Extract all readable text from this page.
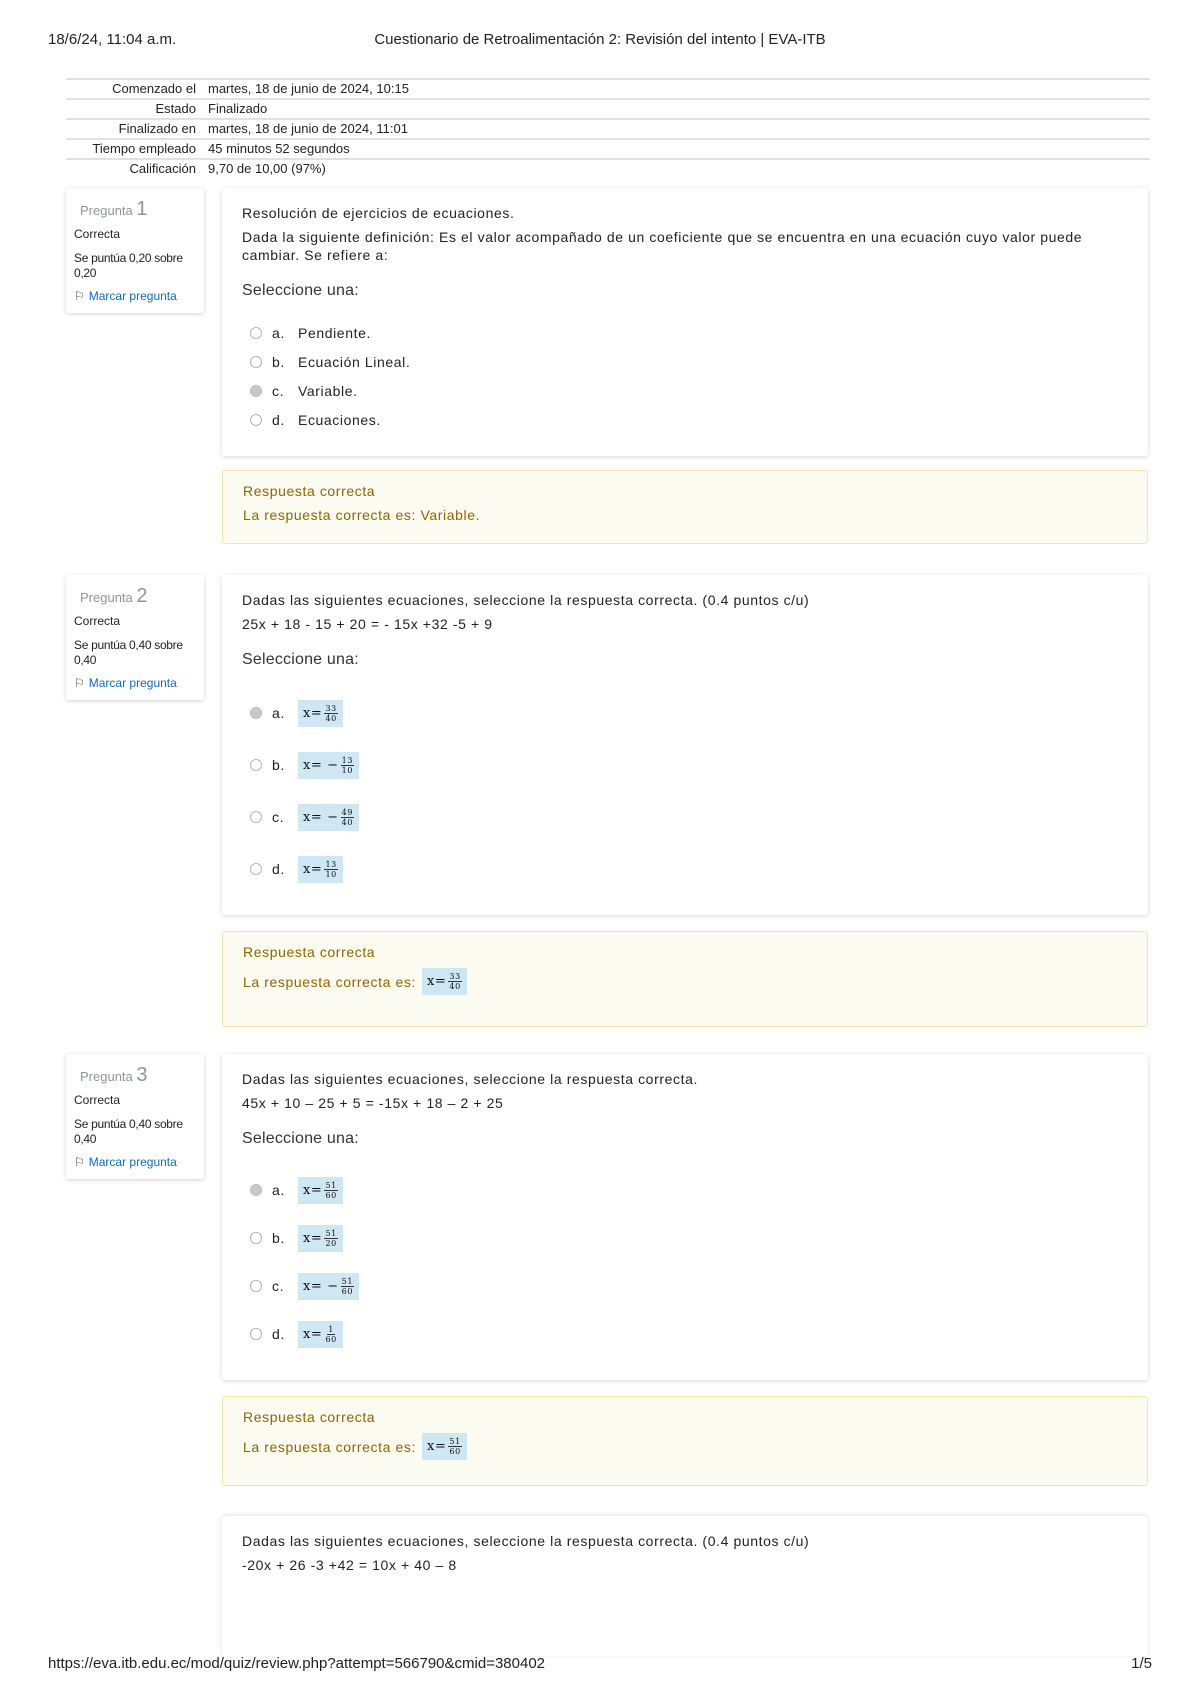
18/6/24, 11:04 a.m.	Cuestionario de Retroalimentación 2: Revisión del intento | EVA-ITB
Comenzado el martes, 18 de junio de 2024, 10:15
Estado Finalizado
Finalizado en martes, 18 de junio de 2024, 11:01
Tiempo empleado 45 minutos 52 segundos
Calificación 9,70 de 10,00 (97%)
Pregunta 1
Correcta
Se puntúa 0,20 sobre 0,20
⚐ Marcar pregunta

Resolución de ejercicios de ecuaciones.

Dada la siguiente definición: Es el valor acompañado de un coeficiente que se encuentra en una ecuación cuyo valor puede cambiar. Se refiere a:

Seleccione una:
a. Pendiente.
b. Ecuación Lineal.
c. Variable.
d. Ecuaciones.
Respuesta correcta
La respuesta correcta es: Variable.
Pregunta 2
Correcta
Se puntúa 0,40 sobre 0,40
⚐ Marcar pregunta

Dadas las siguientes ecuaciones, seleccione la respuesta correcta. (0.4 puntos c/u)

25x + 18 - 15 + 20 = - 15x +32 -5 + 9

Seleccione una:
a.	$x= \frac{33}{40}$
b.	$x= - \frac{13}{10}$
c.	$x= - \frac{49}{40}$
d.	$x= \frac{13}{10}$
Respuesta correcta
La respuesta correcta es: $x= \frac{33}{40}$
Pregunta 3
Correcta
Se puntúa 0,40 sobre 0,40
⚐ Marcar pregunta

Dadas las siguientes ecuaciones, seleccione la respuesta correcta.

45x + 10 – 25 + 5 = -15x + 18 – 2 + 25

Seleccione una:
a.	$x= \frac{51}{60}$
b.	$x= \frac{51}{20}$
c.	$x= - \frac{51}{60}$
d.	$x= \frac{1}{60}$
Respuesta correcta
La respuesta correcta es: $x= \frac{51}{60}$

Dadas las siguientes ecuaciones, seleccione la respuesta correcta. (0.4 puntos c/u)

-20x + 26 -3 +42 = 10x + 40 – 8

https://eva.itb.edu.ec/mod/quiz/review.php?attempt=566790&cmid=380402	1/5
